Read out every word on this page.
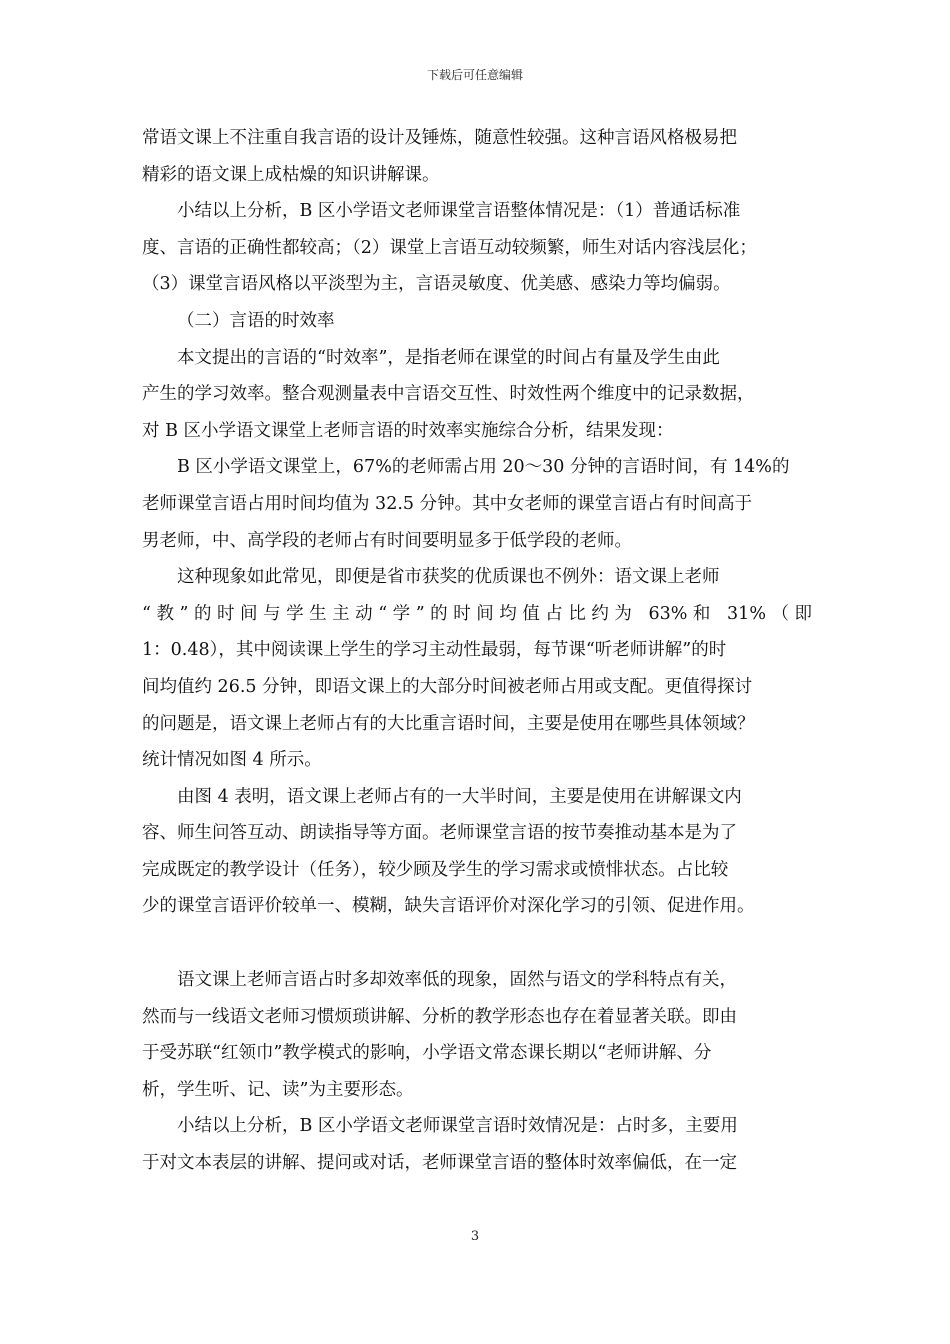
下载后可任意编辑
常语文课上不注重自我言语的设计及锤炼，随意性较强。这种言语风格极易把
精彩的语文课上成枯燥的知识讲解课。
小结以上分析，B 区小学语文老师课堂言语整体情况是：（1）普通话标准
度、言语的正确性都较高；（2）课堂上言语互动较频繁，师生对话内容浅层化；
（3）课堂言语风格以平淡型为主，言语灵敏度、优美感、感染力等均偏弱。
（二）言语的时效率
本文提出的言语的“时效率”，是指老师在课堂的时间占有量及学生由此
产生的学习效率。整合观测量表中言语交互性、时效性两个维度中的记录数据，
对 B 区小学语文课堂上老师言语的时效率实施综合分析，结果发现：
B 区小学语文课堂上，67%的老师需占用 20～30 分钟的言语时间，有 14%的
老师课堂言语占用时间均值为 32.5 分钟。其中女老师的课堂言语占有时间高于
男老师，中、高学段的老师占有时间要明显多于低学段的老师。
这种现象如此常见，即便是省市获奖的优质课也不例外：语文课上老师
“教”的时间与学生主动“学”的时间均值占比约为 63%和 31%（即
1：0.48），其中阅读课上学生的学习主动性最弱，每节课“听老师讲解”的时
间均值约 26.5 分钟，即语文课上的大部分时间被老师占用或支配。更值得探讨
的问题是，语文课上老师占有的大比重言语时间，主要是使用在哪些具体领域？
统计情况如图 4 所示。
由图 4 表明，语文课上老师占有的一大半时间，主要是使用在讲解课文内
容、师生问答互动、朗读指导等方面。老师课堂言语的按节奏推动基本是为了
完成既定的教学设计（任务），较少顾及学生的学习需求或愤悱状态。占比较
少的课堂言语评价较单一、模糊，缺失言语评价对深化学习的引领、促进作用。
语文课上老师言语占时多却效率低的现象，固然与语文的学科特点有关，
然而与一线语文老师习惯烦琐讲解、分析的教学形态也存在着显著关联。即由
于受苏联“红领巾”教学模式的影响，小学语文常态课长期以“老师讲解、分
析，学生听、记、读”为主要形态。
小结以上分析，B 区小学语文老师课堂言语时效情况是：占时多，主要用
于对文本表层的讲解、提问或对话，老师课堂言语的整体时效率偏低，在一定
3
